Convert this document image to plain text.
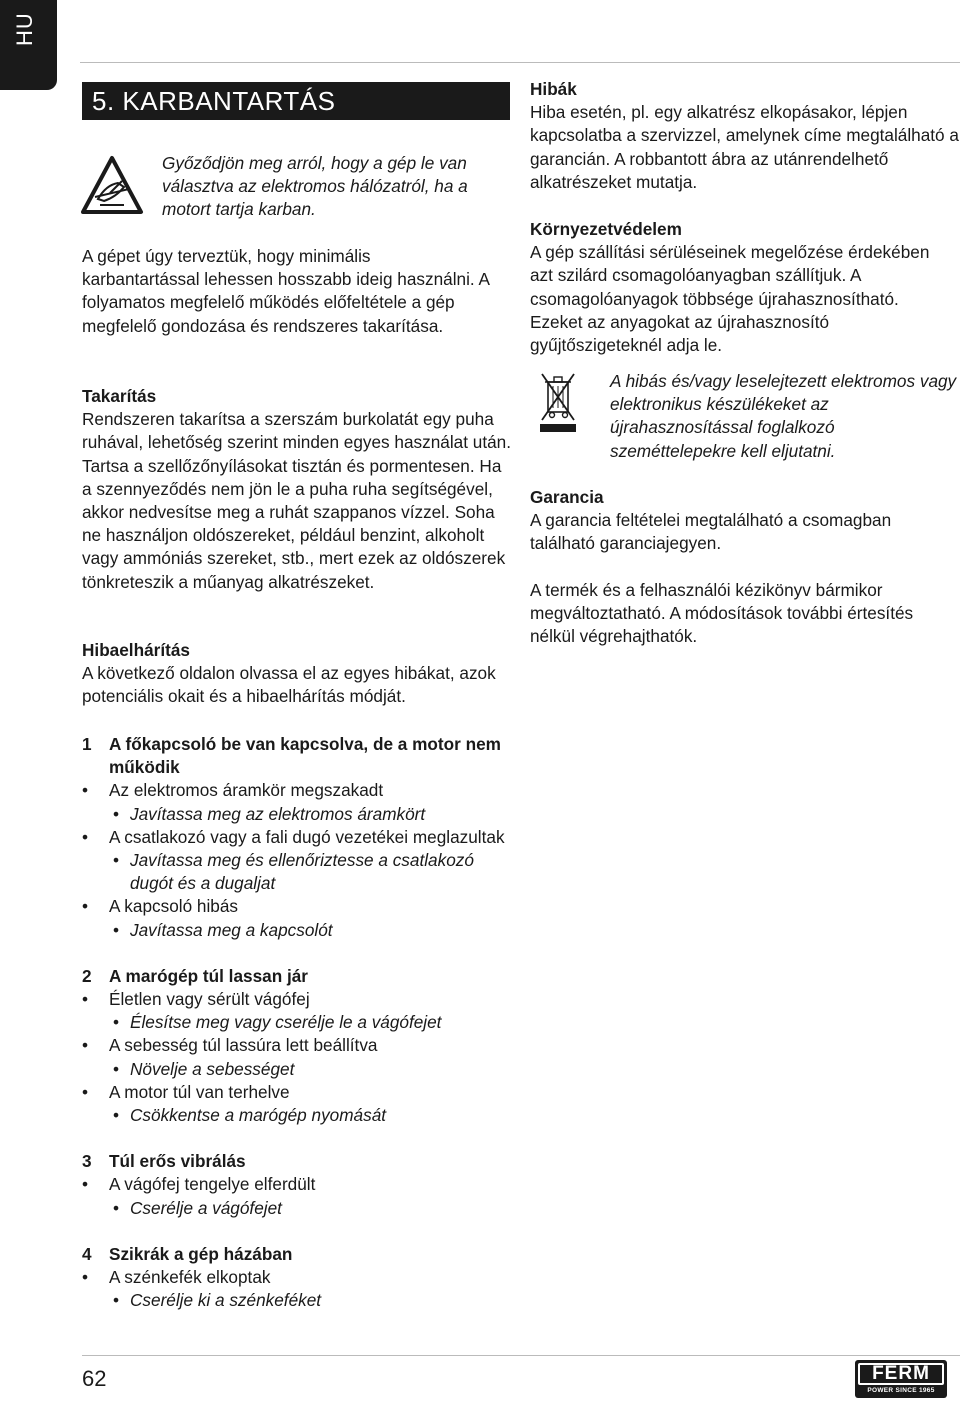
HU
5. KARBANTARTÁS

Győződjön meg arról, hogy a gép le van választva az elektromos hálózatról, ha a motort tartja karban.

A gépet úgy terveztük, hogy minimális karbantartással lehessen hosszabb ideig használni. A folyamatos megfelelő működés előfeltétele a gép megfelelő gondozása és rendszeres takarítása.

Takarítás

Rendszeren takarítsa a szerszám burkolatát egy puha ruhával, lehetőség szerint minden egyes használat után. Tartsa a szellőzőnyílásokat tisztán és pormentesen. Ha a szennyeződés nem jön le a puha ruha segítségével, akkor nedvesítse meg a ruhát szappanos vízzel. Soha ne használjon oldószereket, például benzint, alkoholt vagy ammóniás szereket, stb., mert ezek az oldószerek tönkreteszik a műanyag alkatrészeket.

Hibaelhárítás

A következő oldalon olvassa el az egyes hibákat, azok potenciális okait és a hibaelhárítás módját.

Hibák

Hiba esetén, pl. egy alkatrész elkopásakor, lépjen kapcsolatba a szervizzel, amelynek címe megtalálható a garancián. A robbantott ábra az utánrendelhető alkatrészeket mutatja.

Környezetvédelem

A gép szállítási sérüléseinek megelőzése érdekében azt szilárd csomagolóanyagban szállítjuk. A csomagolóanyagok többsége újrahasznosítható. Ezeket az anyagokat az újrahasznosító gyűjtőszigeteknél adja le.

A hibás és/vagy leselejtezett elektromos vagy elektronikus készülékeket az újrahasznosítással foglalkozó szeméttelepekre kell eljutatni.

Garancia

A garancia feltételei megtalálható a csomagban található garanciajegyen.

A termék és a felhasználói kézikönyv bármikor megváltoztatható. A módosítások további értesítés nélkül végrehajthatók.

1 A főkapcsoló be van kapcsolva, de a motor nem működik
• Az elektromos áramkör megszakadt
• Javítassa meg az elektromos áramkört
• A csatlakozó vagy a fali dugó vezetékei meglazultak
• Javítassa meg és ellenőriztesse a csatlakozó dugót és a dugaljat
• A kapcsoló hibás
• Javítassa meg a kapcsolót
2 A marógép túl lassan jár
• Életlen vagy sérült vágófej
• Élesítse meg vagy cserélje le a vágófejet
• A sebesség túl lassúra lett beállítva
• Növelje a sebességet
• A motor túl van terhelve
• Csökkentse a marógép nyomását
3 Túl erős vibrálás
• A vágófej tengelye elferdült
• Cserélje a vágófejet
4 Szikrák a gép házában
• A szénkefék elkoptak
• Cserélje ki a szénkeféket
62	FERM
POWER SINCE 1965
